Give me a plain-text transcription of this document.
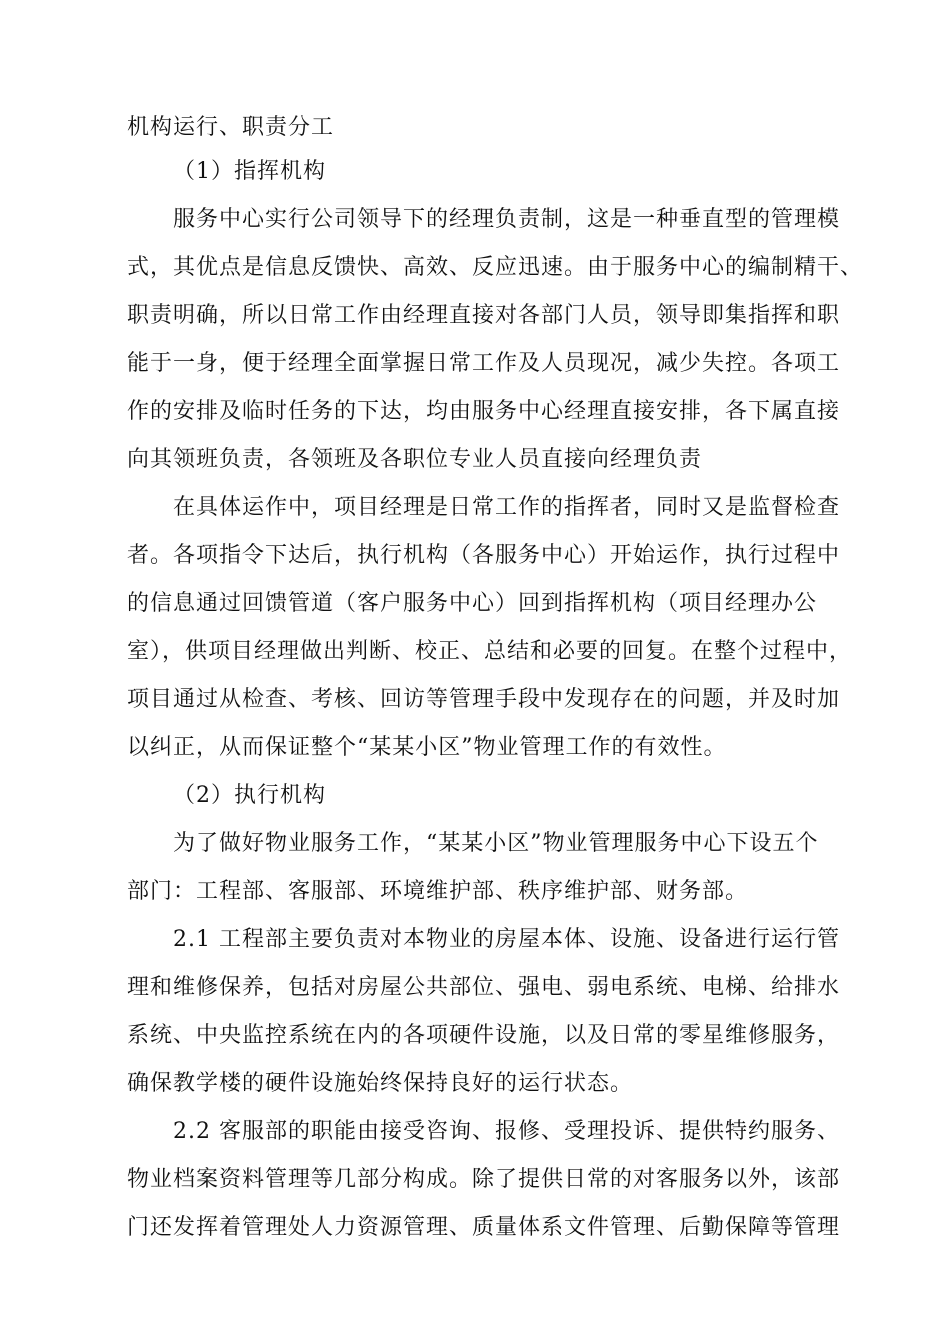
机构运行、职责分工
（1）指挥机构
服务中心实行公司领导下的经理负责制，这是一种垂直型的管理模
式，其优点是信息反馈快、高效、反应迅速。由于服务中心的编制精干、
职责明确，所以日常工作由经理直接对各部门人员，领导即集指挥和职
能于一身，便于经理全面掌握日常工作及人员现况，减少失控。各项工
作的安排及临时任务的下达，均由服务中心经理直接安排，各下属直接
向其领班负责，各领班及各职位专业人员直接向经理负责
在具体运作中，项目经理是日常工作的指挥者，同时又是监督检查
者。各项指令下达后，执行机构（各服务中心）开始运作，执行过程中
的信息通过回馈管道（客户服务中心）回到指挥机构（项目经理办公
室），供项目经理做出判断、校正、总结和必要的回复。在整个过程中，
项目通过从检查、考核、回访等管理手段中发现存在的问题，并及时加
以纠正，从而保证整个“某某小区”物业管理工作的有效性。
（2）执行机构
为了做好物业服务工作，“某某小区”物业管理服务中心下设五个
部门：工程部、客服部、环境维护部、秩序维护部、财务部。
2.1 工程部主要负责对本物业的房屋本体、设施、设备进行运行管
理和维修保养，包括对房屋公共部位、强电、弱电系统、电梯、给排水
系统、中央监控系统在内的各项硬件设施，以及日常的零星维修服务，
确保教学楼的硬件设施始终保持良好的运行状态。
2.2 客服部的职能由接受咨询、报修、受理投诉、提供特约服务、
物业档案资料管理等几部分构成。除了提供日常的对客服务以外，该部
门还发挥着管理处人力资源管理、质量体系文件管理、后勤保障等管理
